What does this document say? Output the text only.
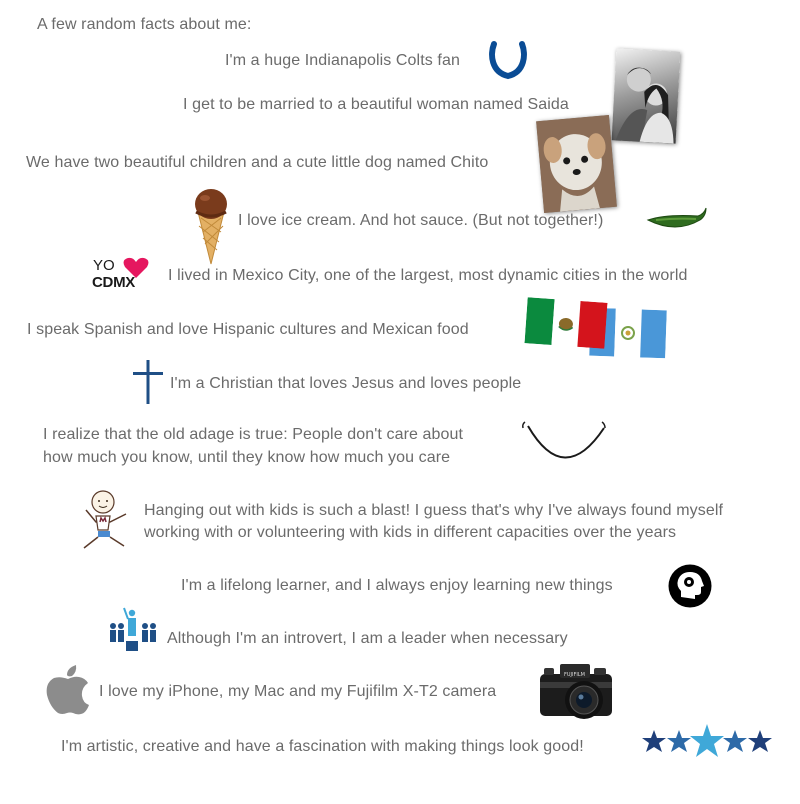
A few random facts about me:
I'm a huge Indianapolis Colts fan
I get to be married to a beautiful woman named Saida
We have two beautiful children and a cute little dog named Chito
I love ice cream. And hot sauce. (But not together!)
YO
CDMX I lived in Mexico City, one of the largest, most dynamic cities in the world
I speak Spanish and love Hispanic cultures and Mexican food
I'm a Christian that loves Jesus and loves people
I realize that the old adage is true: People don't care about
how much you know, until they know how much you care
Hanging out with kids is such a blast! I guess that's why I've always found myself
working with or volunteering with kids in different capacities over the years
I'm a lifelong learner, and I always enjoy learning new things
Although I'm an introvert, I am a leader when necessary
I love my iPhone, my Mac and my Fujifilm X-T2 camera
FUJIFILM
I'm artistic, creative and have a fascination with making things look good!
